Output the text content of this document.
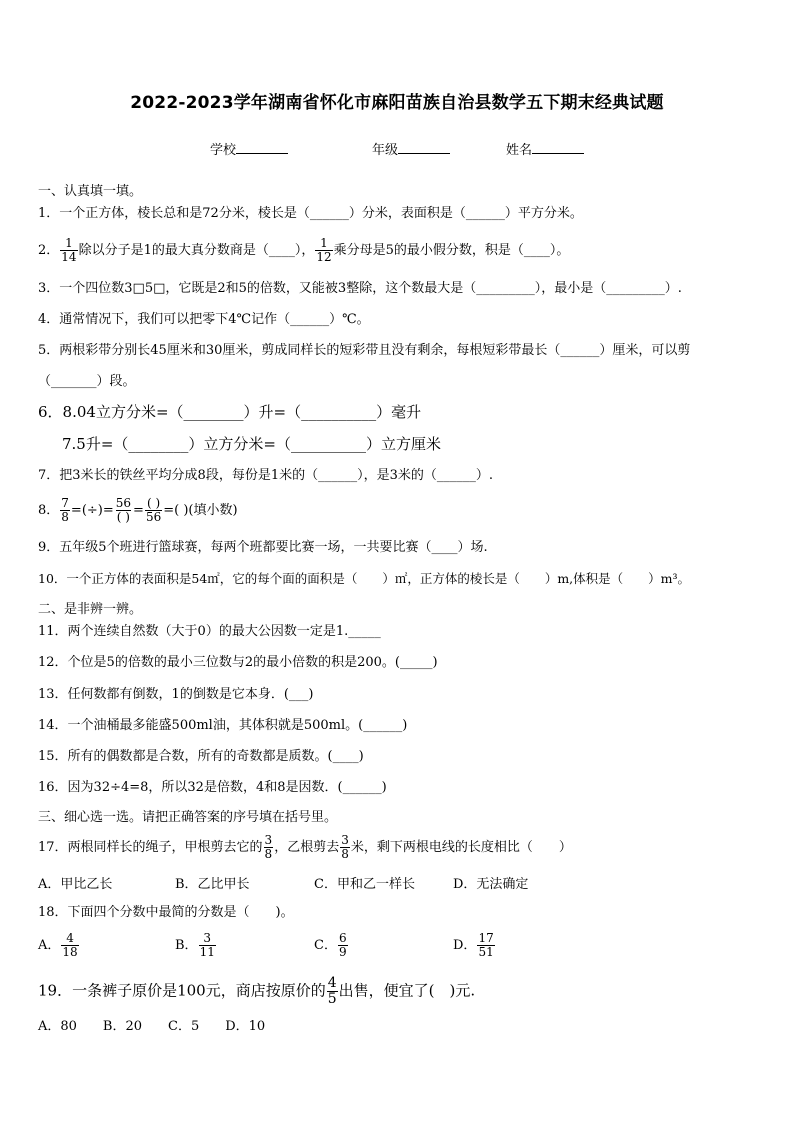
2022-2023学年湖南省怀化市麻阳苗族自治县数学五下期末经典试题
学校	年级	姓名
一、认真填一填。
1．一个正方体，棱长总和是72分米，棱长是（______）分米，表面积是（______）平方分米。
2． $\frac{1}{14}$ 除以分子是1的最大真分数商是（____）， $\frac{1}{12}$ 乘分母是5的最小假分数，积是（____）。
3．一个四位数3□5□，它既是2和5的倍数，又能被3整除，这个数最大是（_________），最小是（_________）.
4．通常情况下，我们可以把零下4℃记作（______）℃。
5．两根彩带分别长45厘米和30厘米，剪成同样长的短彩带且没有剩余，每根短彩带最长（______）厘米，可以剪
（_______）段。
6．8.04立方分米=（________）升=（__________）毫升
7.5升=（________）立方分米=（__________）立方厘米
7．把3米长的铁丝平均分成8段，每份是1米的（______），是3米的（______）.
8． $\frac{7}{8}$ =(÷)= $\frac{56}{( )} = \frac{( )}{56}$ =( )(填小数)
9．五年级5个班进行篮球赛，每两个班都要比赛一场，一共要比赛（____）场.
10．一个正方体的表面积是54㎡，它的每个面的面积是（　　）㎡，正方体的棱长是（　　）m,体积是（　　）m³。
二、是非辨一辨。
11．两个连续自然数（大于0）的最大公因数一定是1._____
12．个位是5的倍数的最小三位数与2的最小倍数的积是200。(_____)
13．任何数都有倒数，1的倒数是它本身．(___)
14．一个油桶最多能盛500ml油，其体积就是500ml。(______)
15．所有的偶数都是合数，所有的奇数都是质数。(____)
16．因为32÷4=8，所以32是倍数，4和8是因数．(______)
三、细心选一选。请把正确答案的序号填在括号里。
17．两根同样长的绳子，甲根剪去它的 $\frac{3}{8}$ ，乙根剪去 $\frac{3}{8}$ 米，剩下两根电线的长度相比（　　）
A．甲比乙长	B．乙比甲长	C．甲和乙一样长	D．无法确定
18．下面四个分数中最简的分数是（　　)。
A． $\frac{4}{18}$	B． $\frac{3}{11}$	C． $\frac{6}{9}$	D． $\frac{17}{51}$
19．一条裤子原价是100元，商店按原价的 $\frac{4}{5}$ 出售，便宜了(　)元.
A．80　　B．20　　C．5　　D．10
